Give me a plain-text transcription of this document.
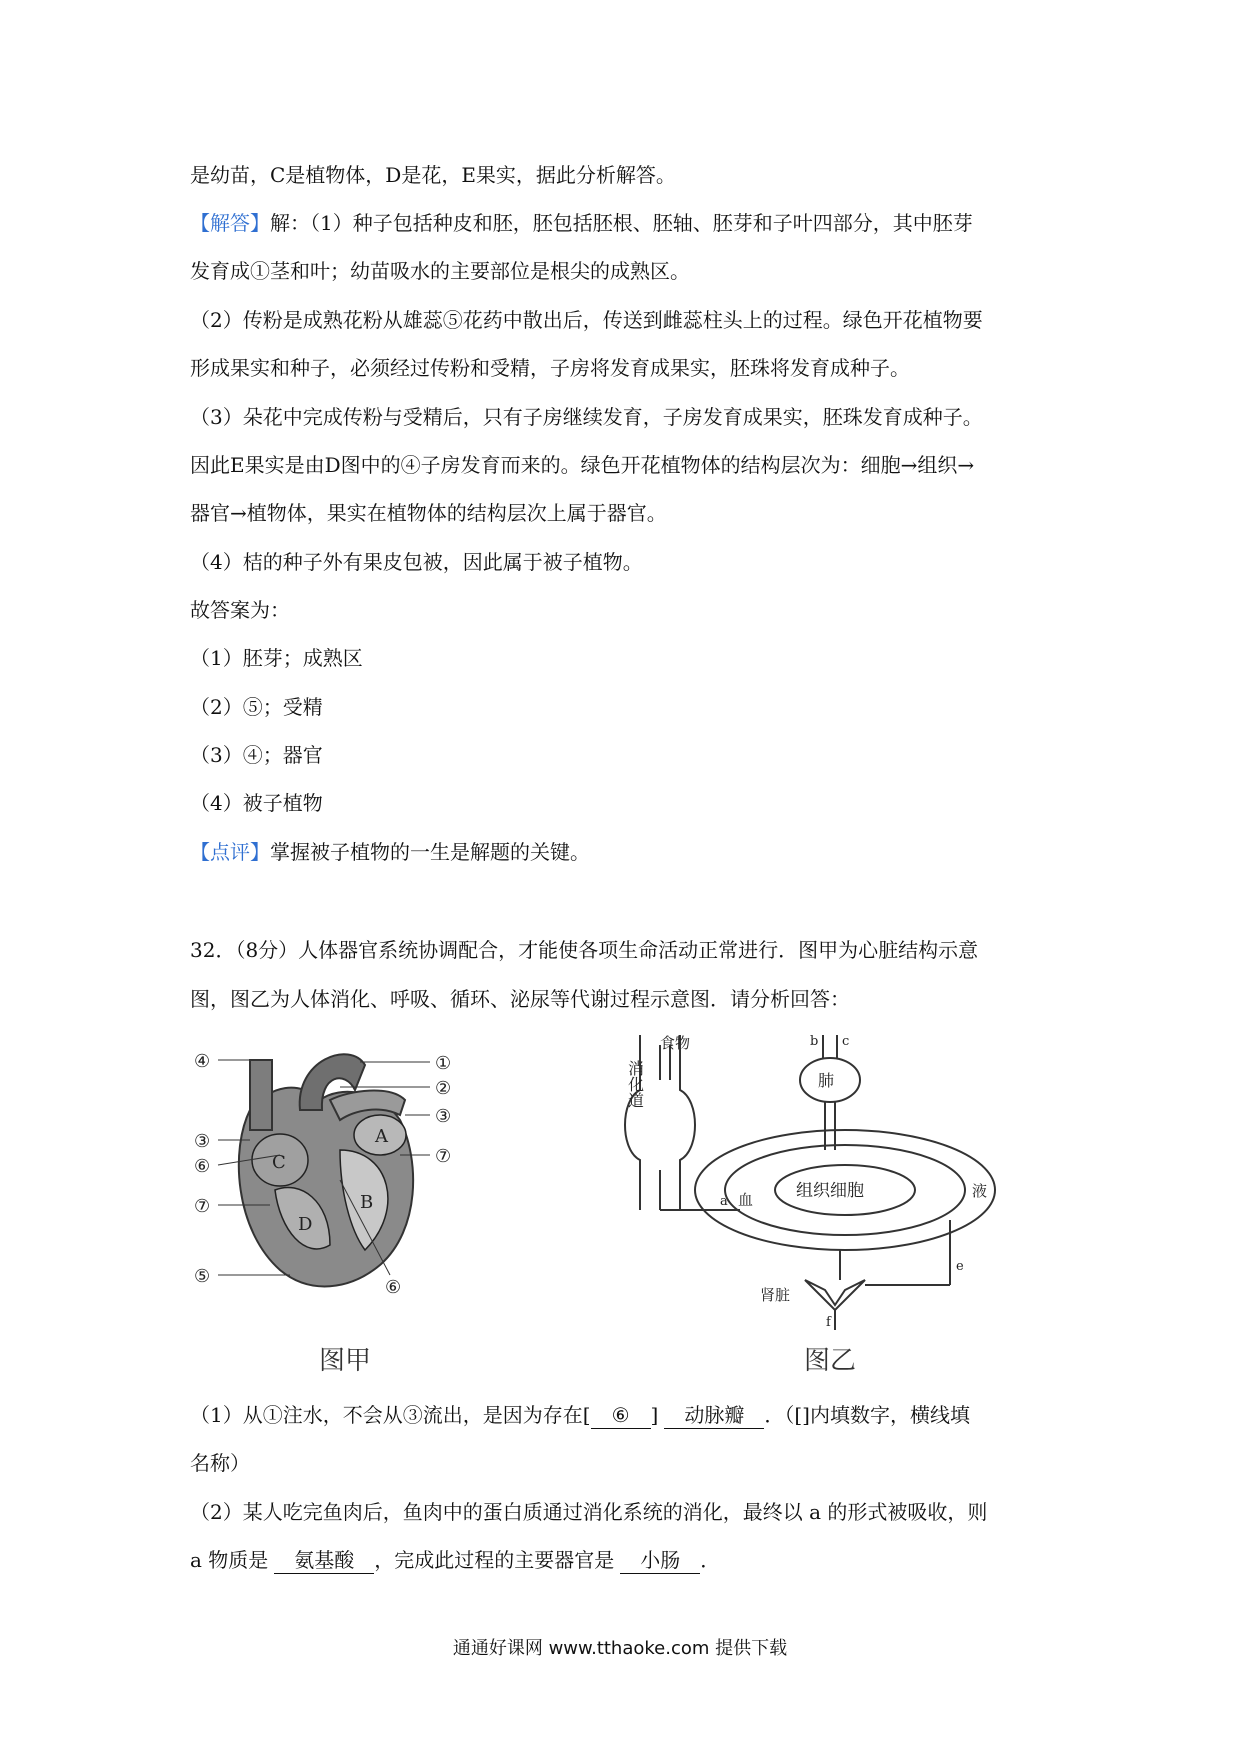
是幼苗，C是植物体，D是花，E果实，据此分析解答。
【解答】解：（1）种子包括种皮和胚，胚包括胚根、胚轴、胚芽和子叶四部分，其中胚芽
发育成①茎和叶；幼苗吸水的主要部位是根尖的成熟区。
（2）传粉是成熟花粉从雄蕊⑤花药中散出后，传送到雌蕊柱头上的过程。绿色开花植物要
形成果实和种子，必须经过传粉和受精，子房将发育成果实，胚珠将发育成种子。
（3）朵花中完成传粉与受精后，只有子房继续发育，子房发育成果实，胚珠发育成种子。
因此E果实是由D图中的④子房发育而来的。绿色开花植物体的结构层次为：细胞→组织→
器官→植物体，果实在植物体的结构层次上属于器官。
（4）桔的种子外有果皮包被，因此属于被子植物。
故答案为：
（1）胚芽；成熟区
（2）⑤；受精
（3）④；器官
（4）被子植物
【点评】掌握被子植物的一生是解题的关键。
32．（8分）人体器官系统协调配合，才能使各项生命活动正常进行．图甲为心脏结构示意
图，图乙为人体消化、呼吸、循环、泌尿等代谢过程示意图．请分析回答：
A
B
C
D
④
③
⑥
⑦
⑤
①
②
③
⑦
⑥
图甲
消化道
食物
肺
血	组织细胞	液
肾脏
a
b c
e
f
图乙
（1）从①注水，不会从③流出，是因为存在[ ⑥ ] 动脉瓣 ．（[]内填数字，横线填
名称）
（2）某人吃完鱼肉后，鱼肉中的蛋白质通过消化系统的消化，最终以 a 的形式被吸收，则
a 物质是 氨基酸 ，完成此过程的主要器官是 小肠 ．
通通好课网 www.tthaoke.com 提供下载
